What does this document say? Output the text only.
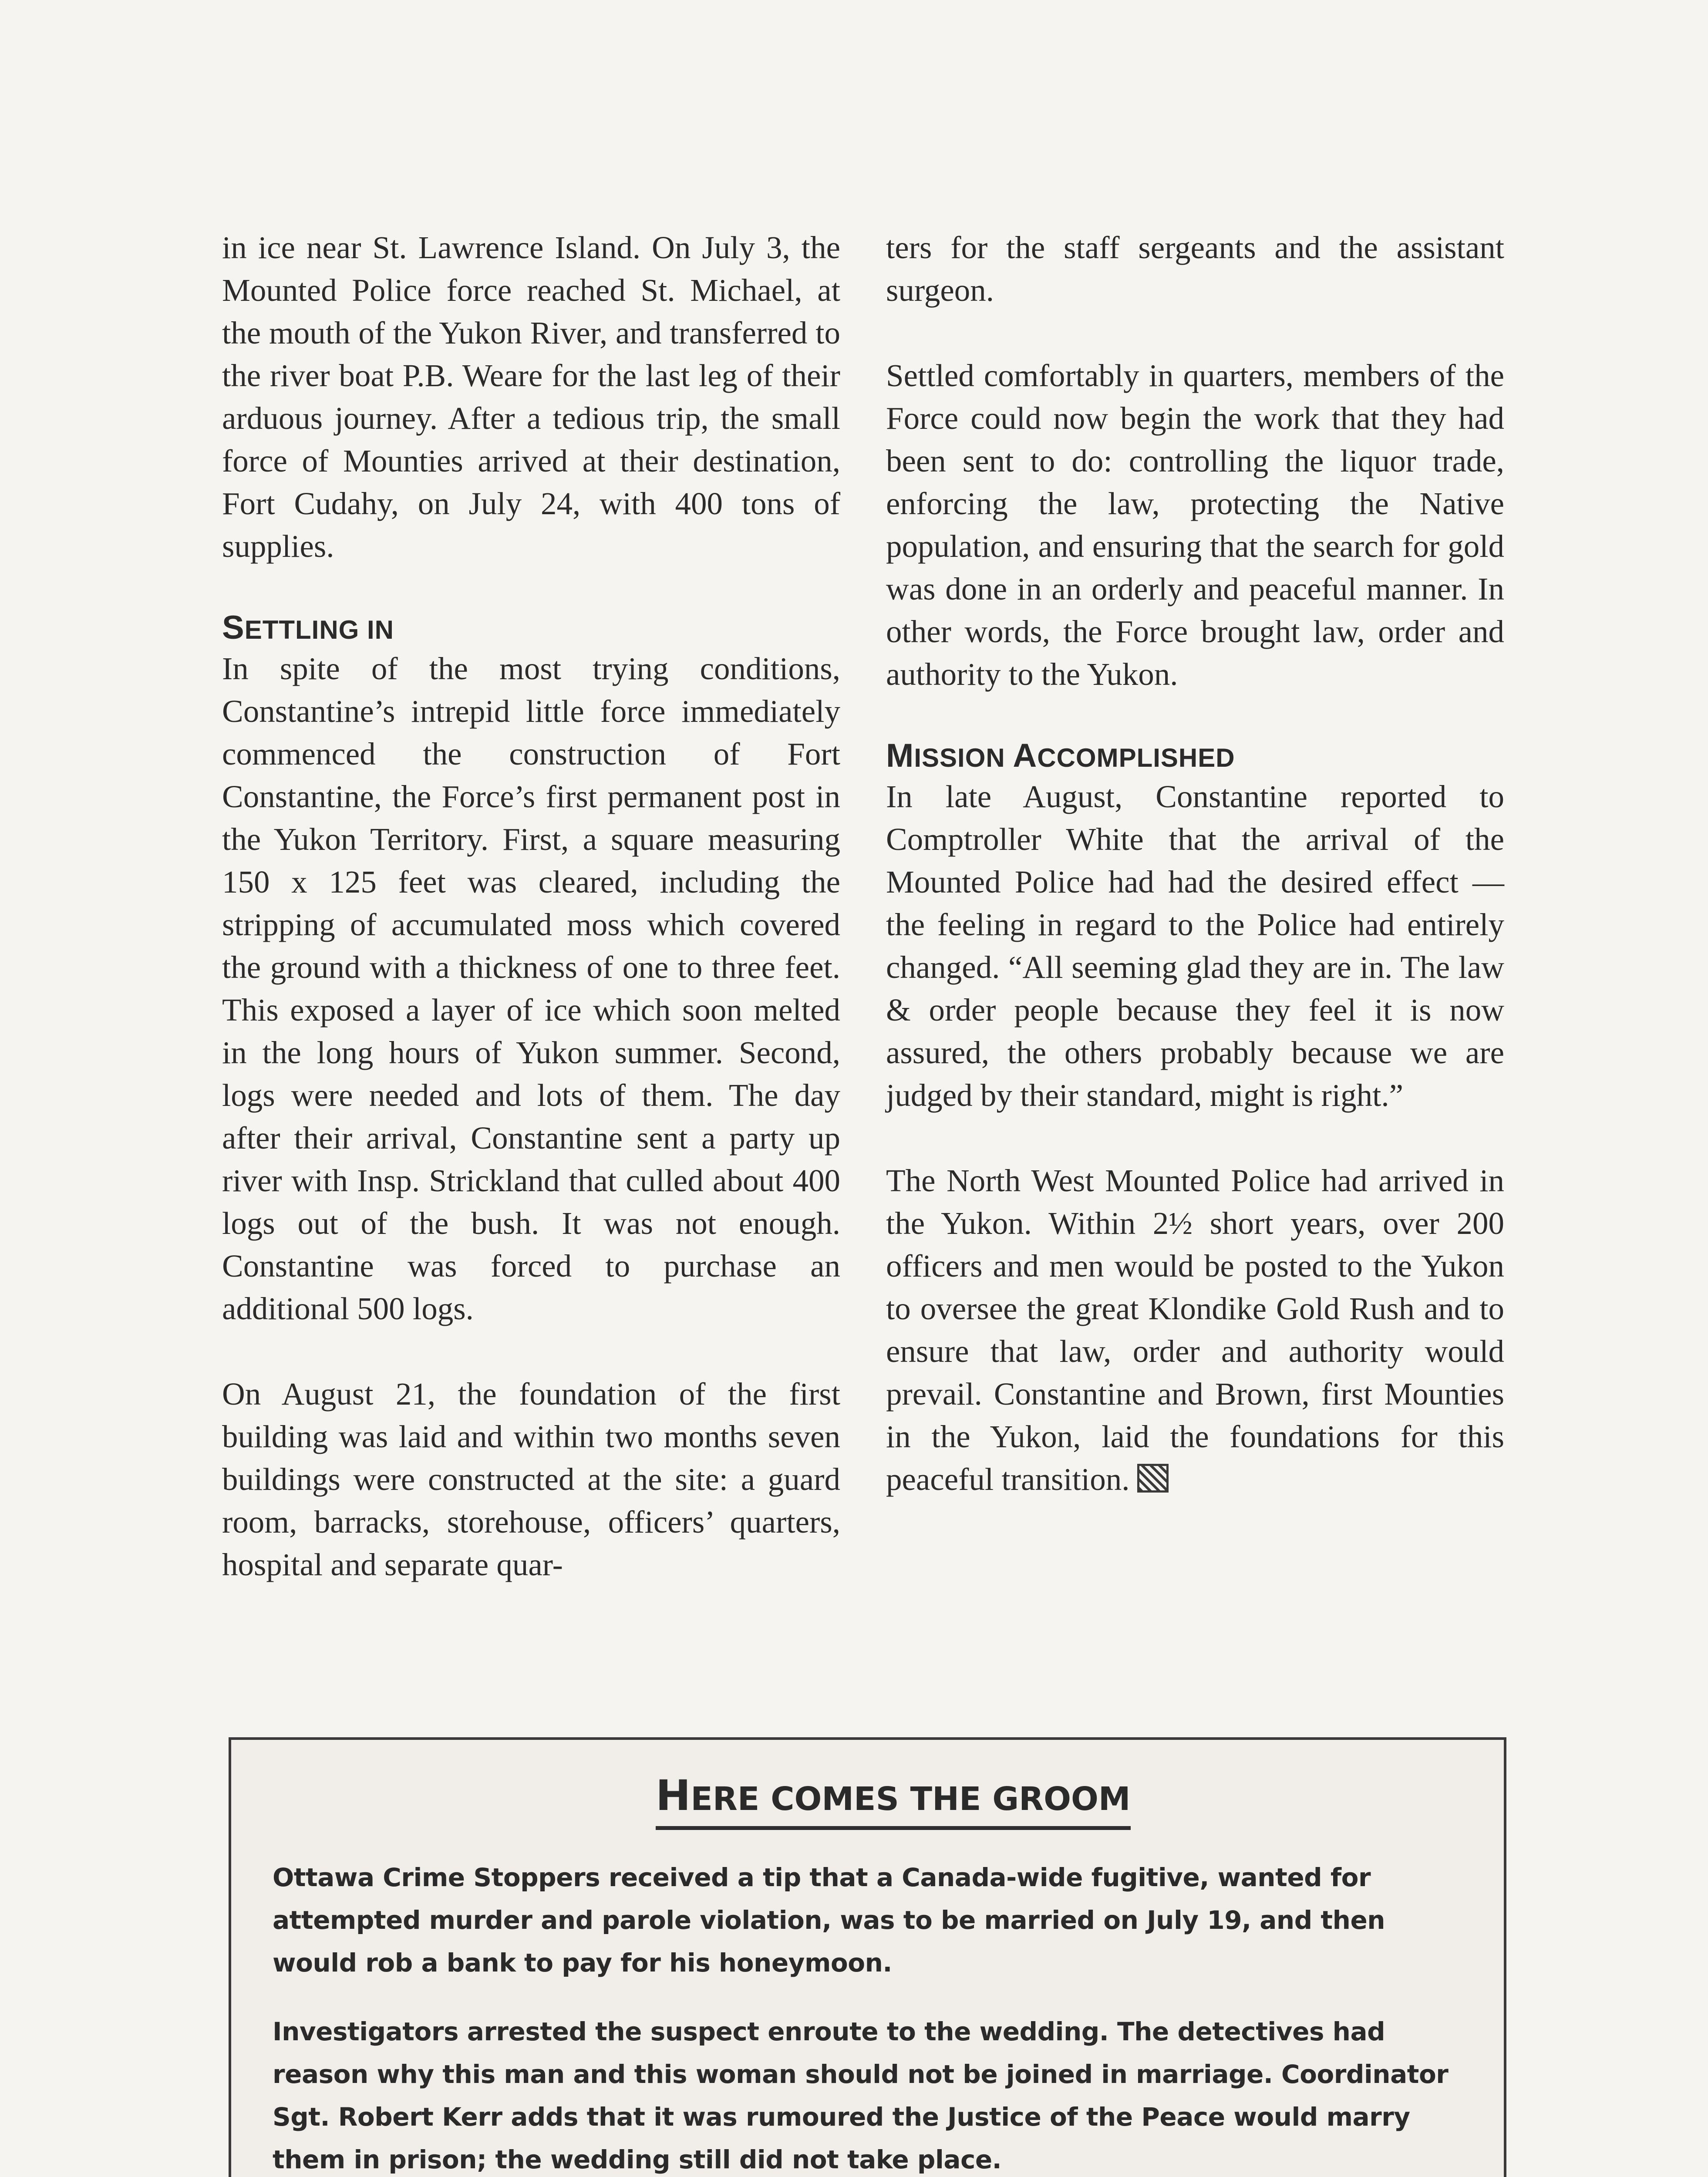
in ice near St. Lawrence Island. On July 3, the Mounted Police force reached St. Michael, at the mouth of the Yukon River, and transferred to the river boat P.B. Weare for the last leg of their arduous journey. After a tedious trip, the small force of Mounties arrived at their destination, Fort Cudahy, on July 24, with 400 tons of supplies.

SETTLING IN

In spite of the most trying conditions, Constantine’s intrepid little force immediately commenced the construction of Fort Constantine, the Force’s first permanent post in the Yukon Territory. First, a square measuring 150 x 125 feet was cleared, including the stripping of accumulated moss which covered the ground with a thickness of one to three feet. This exposed a layer of ice which soon melted in the long hours of Yukon summer. Second, logs were needed and lots of them. The day after their arrival, Constantine sent a party up river with Insp. Strickland that culled about 400 logs out of the bush. It was not enough. Constantine was forced to purchase an additional 500 logs.

On August 21, the foundation of the first building was laid and within two months seven buildings were constructed at the site: a guard room, barracks, storehouse, officers’ quarters, hospital and separate quar-

ters for the staff sergeants and the assistant surgeon.

Settled comfortably in quarters, members of the Force could now begin the work that they had been sent to do: controlling the liquor trade, enforcing the law, protecting the Native population, and ensuring that the search for gold was done in an orderly and peaceful manner. In other words, the Force brought law, order and authority to the Yukon.

MISSION ACCOMPLISHED

In late August, Constantine reported to Comptroller White that the arrival of the Mounted Police had had the desired effect — the feeling in regard to the Police had entirely changed. “All seeming glad they are in. The law & order people because they feel it is now assured, the others probably because we are judged by their standard, might is right.”

The North West Mounted Police had arrived in the Yukon. Within 2½ short years, over 200 officers and men would be posted to the Yukon to oversee the great Klondike Gold Rush and to ensure that law, order and authority would prevail. Constantine and Brown, first Mounties in the Yukon, laid the foundations for this peaceful transition.

HERE COMES THE GROOM

Ottawa Crime Stoppers received a tip that a Canada-wide fugitive, wanted for attempted murder and parole violation, was to be married on July 19, and then would rob a bank to pay for his honeymoon.

Investigators arrested the suspect enroute to the wedding. The detectives had reason why this man and this woman should not be joined in marriage. Coordinator Sgt. Robert Kerr adds that it was rumoured the Justice of the Peace would marry them in prison; the wedding still did not take place.
